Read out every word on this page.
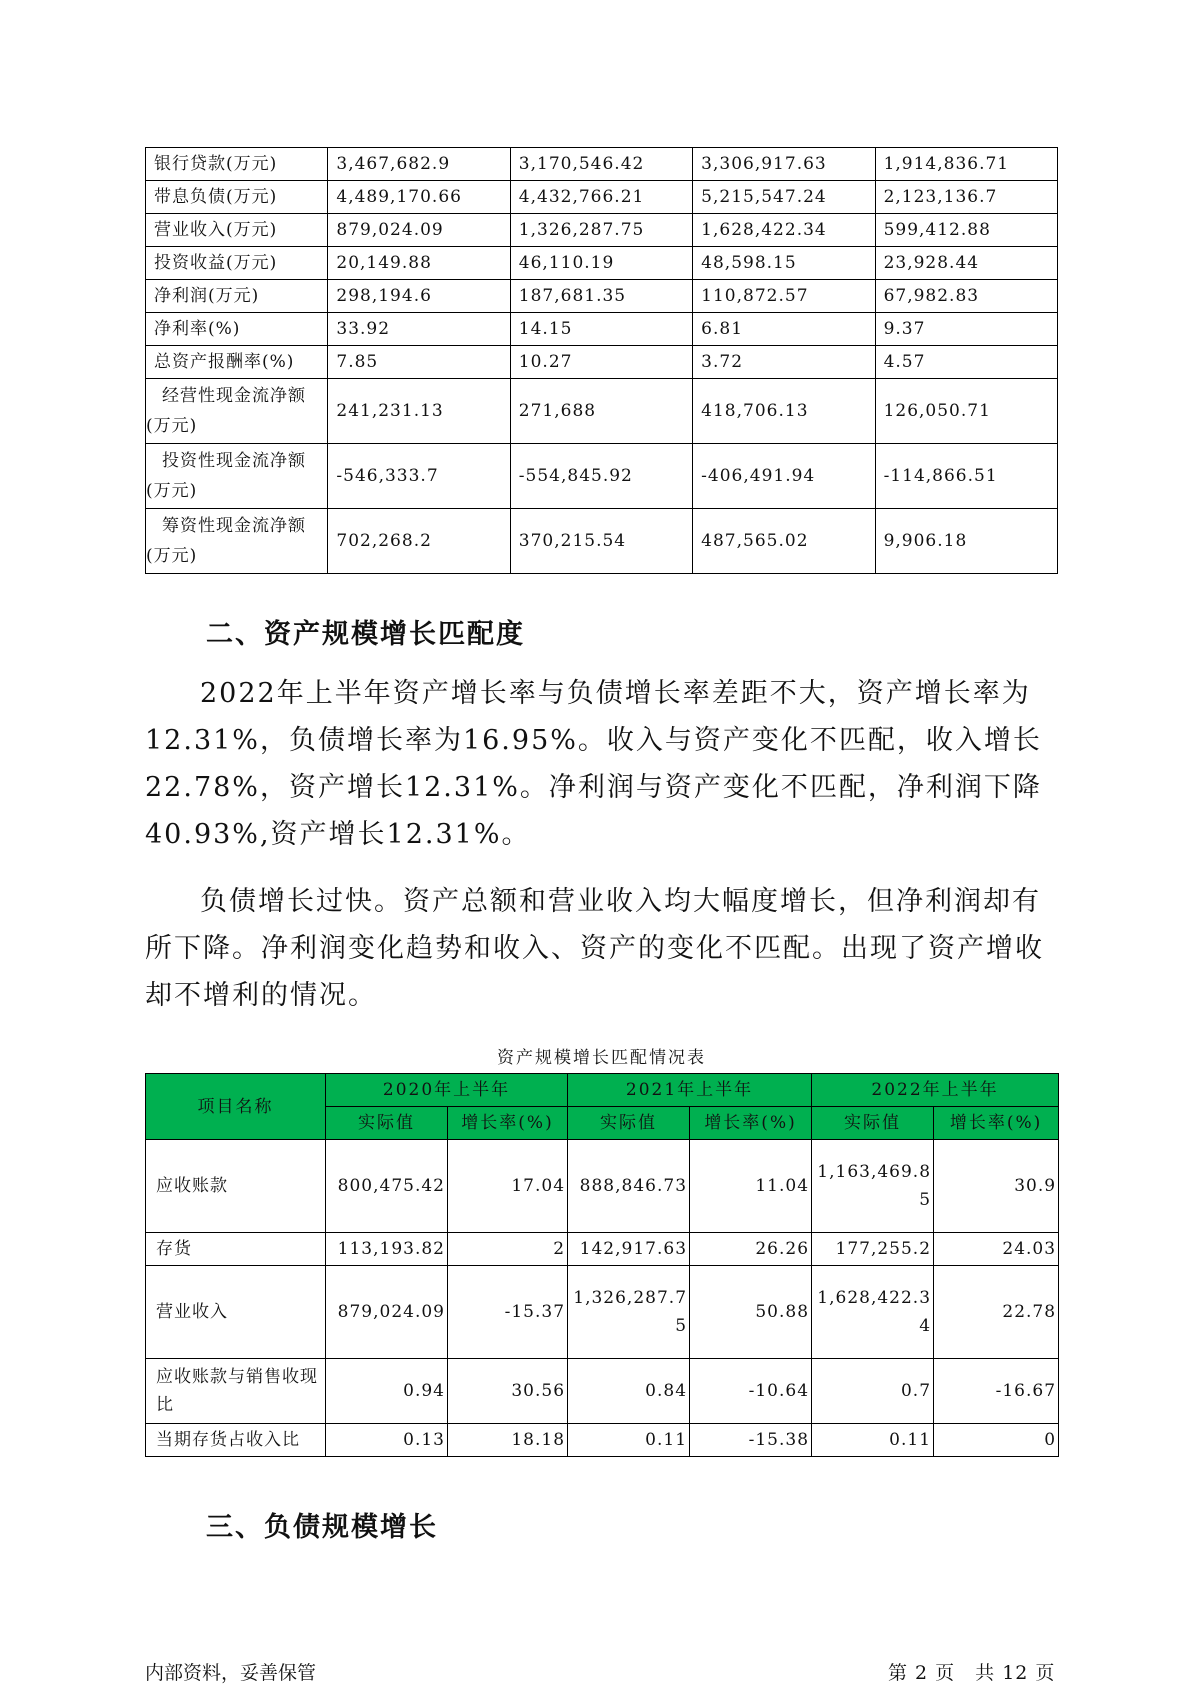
银行贷款(万元)	3,467,682.9	3,170,546.42	3,306,917.63	1,914,836.71
带息负债(万元)	4,489,170.66	4,432,766.21	5,215,547.24	2,123,136.7
营业收入(万元)	879,024.09	1,326,287.75	1,628,422.34	599,412.88
投资收益(万元)	20,149.88	46,110.19	48,598.15	23,928.44
净利润(万元)	298,194.6	187,681.35	110,872.57	67,982.83
净利率(%)	33.92	14.15	6.81	9.37
总资产报酬率(%)	7.85	10.27	3.72	4.57

经营性现金流净额
(万元)	241,231.13	271,688	418,706.13	126,050.71

投资性现金流净额
(万元)	-546,333.7	-554,845.92	-406,491.94	-114,866.51

筹资性现金流净额
(万元)	702,268.2	370,215.54	487,565.02	9,906.18
二、资产规模增长匹配度
2022年上半年资产增长率与负债增长率差距不大，资产增长率为12.31%，负债增长率为16.95%。收入与资产变化不匹配，收入增长22.78%，资产增长12.31%。净利润与资产变化不匹配，净利润下降40.93%,资产增长12.31%。
负债增长过快。资产总额和营业收入均大幅度增长，但净利润却有所下降。净利润变化趋势和收入、资产的变化不匹配。出现了资产增收却不增利的情况。
资产规模增长匹配情况表
项目名称	2020年上半年		2021年上半年		2022年上半年	
	实际值	增长率(%)	实际值	增长率(%)	实际值	增长率(%)
应收账款	800,475.42	17.04	888,846.73	11.04	1,163,469.85	30.9
存货	113,193.82	2	142,917.63	26.26	177,255.2	24.03
营业收入	879,024.09	-15.37	1,326,287.75	50.88	1,628,422.34	22.78
应收账款与销售收现比	0.94	30.56	0.84	-10.64	0.7	-16.67
当期存货占收入比	0.13	18.18	0.11	-15.38	0.11	0
三、负债规模增长
内部资料，妥善保管	第 2 页　共 12 页
